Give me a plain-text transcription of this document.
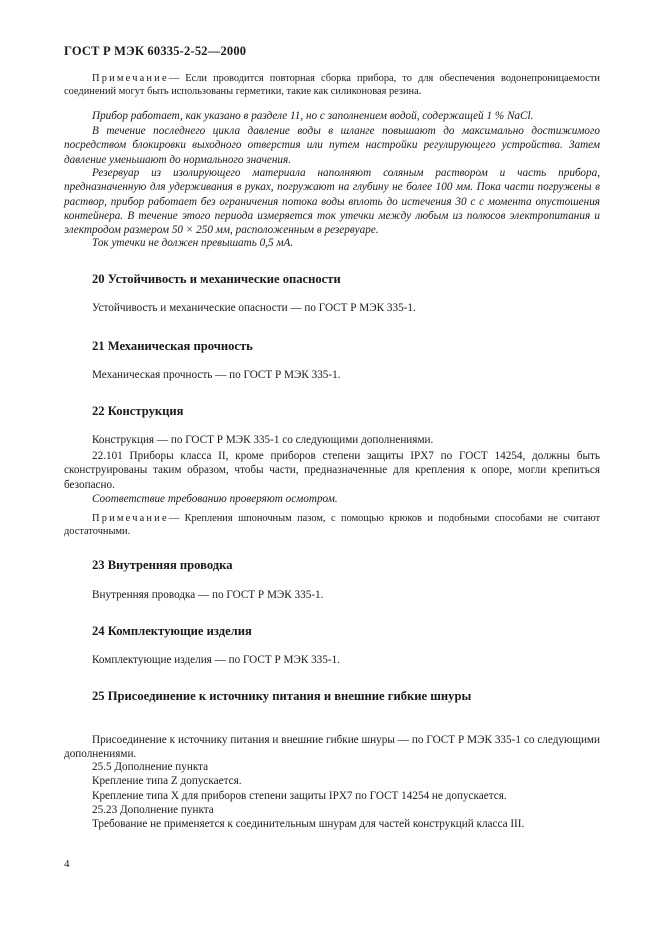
ГОСТ Р МЭК 60335-2-52—2000
Примечание— Если проводится повторная сборка прибора, то для обеспечения водонепроницаемости соединений могут быть использованы герметики, такие как силиконовая резина.
Прибор работает, как указано в разделе 11, но с заполнением водой, содержащей 1 % NaCl.
В течение последнего цикла давление воды в шланге повышают до максимально достижимого посредством блокировки выходного отверстия или путем настройки регулирующего устройства. Затем давление уменьшают до нормального значения.
Резервуар из изолирующего материала наполняют соляным раствором и часть прибора, предназначенную для удерживания в руках, погружают на глубину не более 100 мм. Пока части погружены в раствор, прибор работает без ограничения потока воды вплоть до истечения 30 с с момента опустошения контейнера. В течение этого периода измеряется ток утечки между любым из полюсов электропитания и электродом размером 50 × 250 мм, расположенным в резервуаре.
Ток утечки не должен превышать 0,5 мА.
20 Устойчивость и механические опасности
Устойчивость и механические опасности — по ГОСТ Р МЭК 335-1.
21 Механическая прочность
Механическая прочность — по ГОСТ Р МЭК 335-1.
22 Конструкция
Конструкция — по ГОСТ Р МЭК 335-1 со следующими дополнениями.
22.101 Приборы класса II, кроме приборов степени защиты IPX7 по ГОСТ 14254, должны быть сконструированы таким образом, чтобы части, предназначенные для крепления к опоре, могли крепиться безопасно.
Соответствие требованию проверяют осмотром.
Примечание— Крепления шпоночным пазом, с помощью крюков и подобными способами не считают достаточными.
23 Внутренняя проводка
Внутренняя проводка — по ГОСТ Р МЭК 335-1.
24 Комплектующие изделия
Комплектующие изделия — по ГОСТ Р МЭК 335-1.
25 Присоединение к источнику питания и внешние гибкие шнуры
Присоединение к источнику питания и внешние гибкие шнуры — по ГОСТ Р МЭК 335-1 со следующими дополнениями.
25.5 Дополнение пункта
Крепление типа Z допускается.
Крепление типа X для приборов степени защиты IPX7 по ГОСТ 14254 не допускается.
25.23 Дополнение пункта
Требование не применяется к соединительным шнурам для частей конструкций класса III.
4
